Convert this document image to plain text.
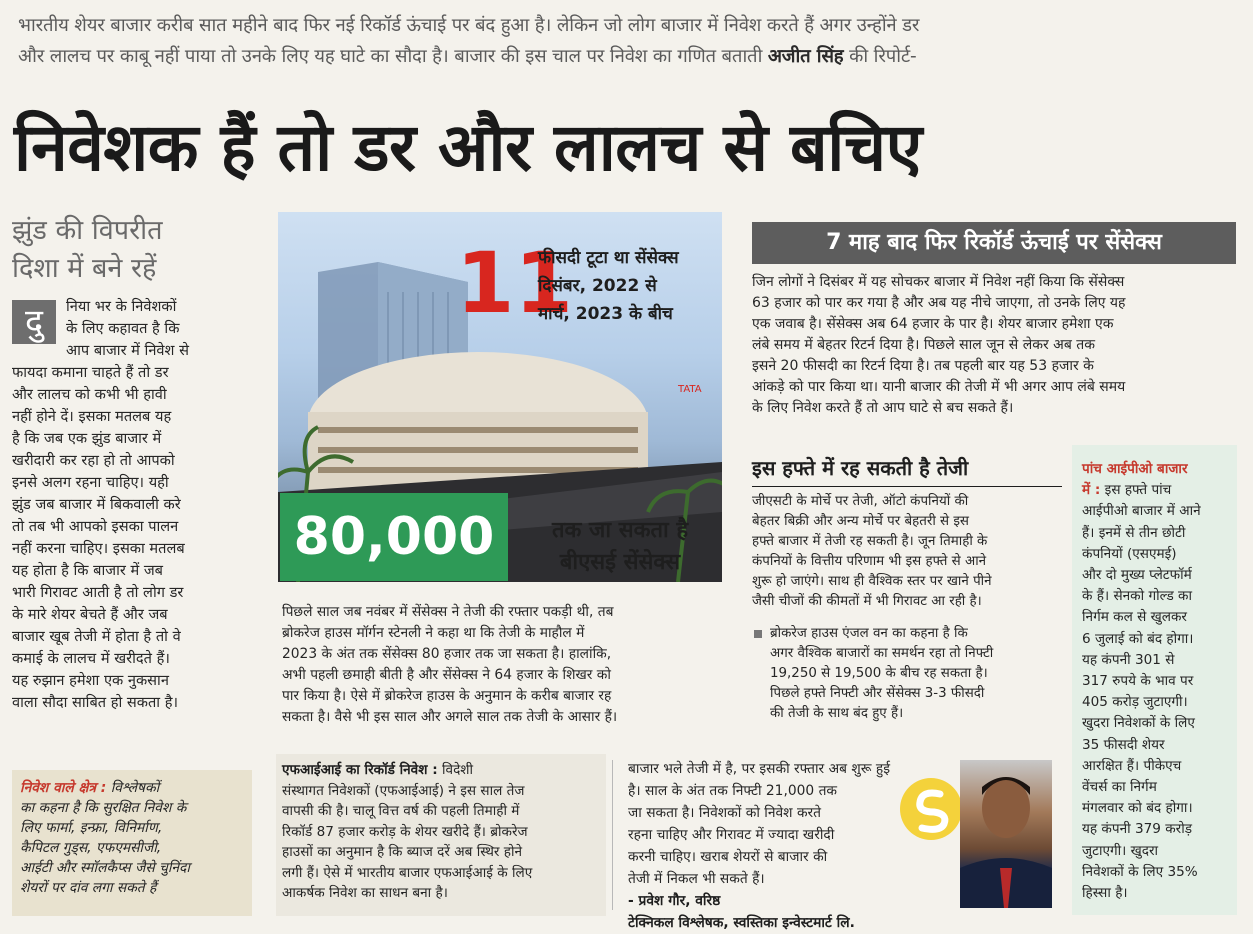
भारतीय शेयर बाजार करीब सात महीने बाद फिर नई रिकॉर्ड ऊंचाई पर बंद हुआ है। लेकिन जो लोग बाजार में निवेश करते हैं अगर उन्होंने डर
और लालच पर काबू नहीं पाया तो उनके लिए यह घाटे का सौदा है। बाजार की इस चाल पर निवेश का गणित बताती अजीत सिंह की रिपोर्ट-
निवेशक हैं तो डर और लालच से बचिए
झुंड की विपरीत
दिशा में बने रहें
दु	निया भर के निवेशकों
के लिए कहावत है कि
आप बाजार में निवेश से
फायदा कमाना चाहते हैं तो डर
और लालच को कभी भी हावी
नहीं होने दें। इसका मतलब यह
है कि जब एक झुंड बाजार में
खरीदारी कर रहा हो तो आपको
इनसे अलग रहना चाहिए। यही
झुंड जब बाजार में बिकवाली करे
तो तब भी आपको इसका पालन
नहीं करना चाहिए। इसका मतलब
यह होता है कि बाजार में जब
भारी गिरावट आती है तो लोग डर
के मारे शेयर बेचते हैं और जब
बाजार खूब तेजी में होता है तो वे
कमाई के लालच में खरीदते हैं।
यह रुझान हमेशा एक नुकसान
वाला सौदा साबित हो सकता है।
निवेश वाले क्षेत्र : विश्लेषकों
का कहना है कि सुरक्षित निवेश के
लिए फार्मा, इन्फ्रा, विनिर्माण,
कैपिटल गुड्स, एफएमसीजी,
आईटी और स्मॉलकैप्स जैसे चुनिंदा
शेयरों पर दांव लगा सकते हैं
TATA
11
फीसदी टूटा था सेंसेक्स
दिसंबर, 2022 से
मार्च, 2023 के बीच
80,000	तक जा सकता है
बीएसई सेंसेक्स
पिछले साल जब नवंबर में सेंसेक्स ने तेजी की रफ्तार पकड़ी थी, तब
ब्रोकरेज हाउस मॉर्गन स्टेनली ने कहा था कि तेजी के माहौल में
2023 के अंत तक सेंसेक्स 80 हजार तक जा सकता है। हालांकि,
अभी पहली छमाही बीती है और सेंसेक्स ने 64 हजार के शिखर को
पार किया है। ऐसे में ब्रोकरेज हाउस के अनुमान के करीब बाजार रह
सकता है। वैसे भी इस साल और अगले साल तक तेजी के आसार हैं।
एफआईआई का रिकॉर्ड निवेश : विदेशी
संस्थागत निवेशकों (एफआईआई) ने इस साल तेज
वापसी की है। चालू वित्त वर्ष की पहली तिमाही में
रिकॉर्ड 87 हजार करोड़ के शेयर खरीदे हैं। ब्रोकरेज
हाउसों का अनुमान है कि ब्याज दरें अब स्थिर होने
लगी हैं। ऐसे में भारतीय बाजार एफआईआई के लिए
आकर्षक निवेश का साधन बना है।
बाजार भले तेजी में है, पर इसकी रफ्तार अब शुरू हुई
है। साल के अंत तक निफ्टी 21,000 तक
जा सकता है। निवेशकों को निवेश करते
रहना चाहिए और गिरावट में ज्यादा खरीदी
करनी चाहिए। खराब शेयरों से बाजार की
तेजी में निकल भी सकते हैं।
- प्रवेश गौर, वरिष्ठ
टेक्निकल विश्लेषक, स्वस्तिका इन्वेस्टमार्ट लि.
7 माह बाद फिर रिकॉर्ड ऊंचाई पर सेंसेक्स
जिन लोगों ने दिसंबर में यह सोचकर बाजार में निवेश नहीं किया कि सेंसेक्स
63 हजार को पार कर गया है और अब यह नीचे जाएगा, तो उनके लिए यह
एक जवाब है। सेंसेक्स अब 64 हजार के पार है। शेयर बाजार हमेशा एक
लंबे समय में बेहतर रिटर्न दिया है। पिछले साल जून से लेकर अब तक
इसने 20 फीसदी का रिटर्न दिया है। तब पहली बार यह 53 हजार के
आंकड़े को पार किया था। यानी बाजार की तेजी में भी अगर आप लंबे समय
के लिए निवेश करते हैं तो आप घाटे से बच सकते हैं।
इस हफ्ते में रह सकती है तेजी
जीएसटी के मोर्चे पर तेजी, ऑटो कंपनियों की
बेहतर बिक्री और अन्य मोर्चे पर बेहतरी से इस
हफ्ते बाजार में तेजी रह सकती है। जून तिमाही के
कंपनियों के वित्तीय परिणाम भी इस हफ्ते से आने
शुरू हो जाएंगे। साथ ही वैश्विक स्तर पर खाने पीने
जैसी चीजों की कीमतों में भी गिरावट आ रही है।
ब्रोकरेज हाउस एंजल वन का कहना है कि
अगर वैश्विक बाजारों का समर्थन रहा तो निफ्टी
19,250 से 19,500 के बीच रह सकता है।
पिछले हफ्ते निफ्टी और सेंसेक्स 3-3 फीसदी
की तेजी के साथ बंद हुए हैं।
पांच आईपीओ बाजार
में : इस हफ्ते पांच
आईपीओ बाजार में आने
हैं। इनमें से तीन छोटी
कंपनियों (एसएमई)
और दो मुख्य प्लेटफॉर्म
के हैं। सेनको गोल्ड का
निर्गम कल से खुलकर
6 जुलाई को बंद होगा।
यह कंपनी 301 से
317 रुपये के भाव पर
405 करोड़ जुटाएगी।
खुदरा निवेशकों के लिए
35 फीसदी शेयर
आरक्षित हैं। पीकेएच
वेंचर्स का निर्गम
मंगलवार को बंद होगा।
यह कंपनी 379 करोड़
जुटाएगी। खुदरा
निवेशकों के लिए 35%
हिस्सा है।
